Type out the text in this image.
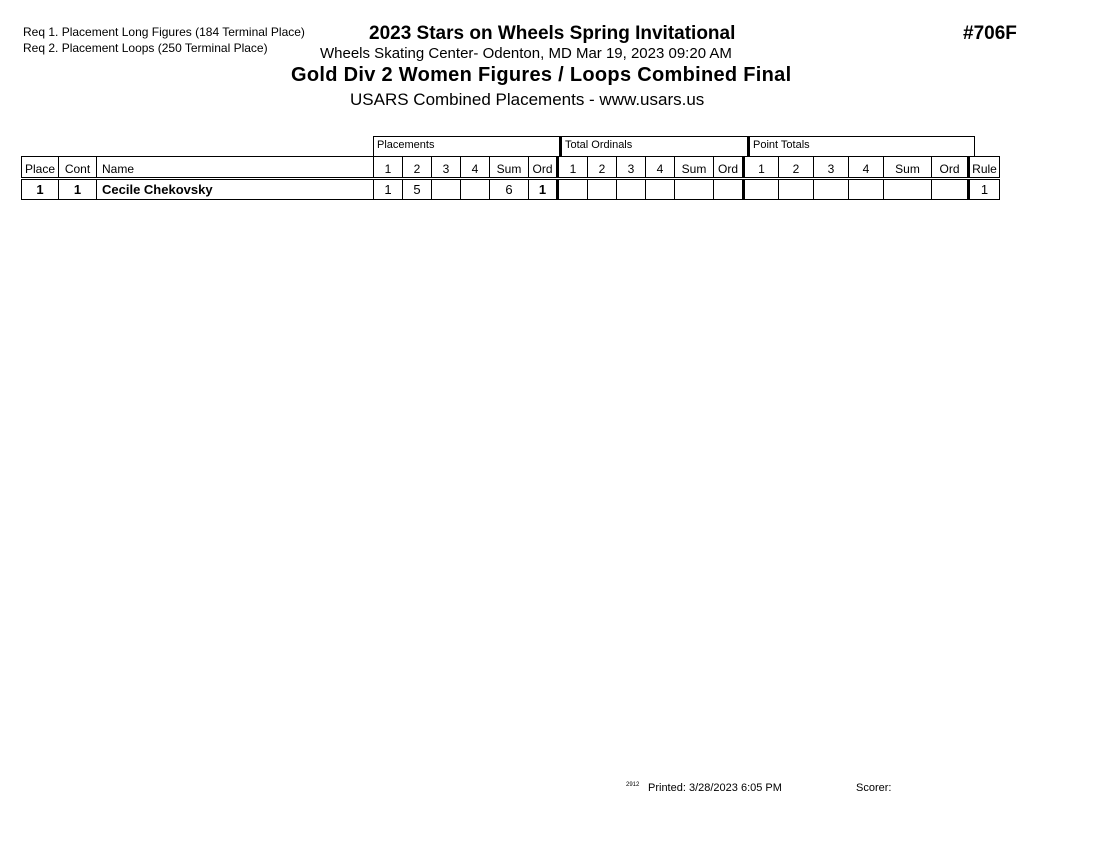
Req 1. Placement Long Figures (184 Terminal Place)
Req 2. Placement Loops (250 Terminal Place)
2023 Stars on Wheels Spring Invitational	#706F
Wheels Skating Center- Odenton, MD Mar 19, 2023 09:20 AM
Gold Div 2 Women Figures / Loops Combined Final
USARS Combined Placements - www.usars.us
Placements	Total Ordinals	Point Totals
Place	Cont	Name	1	2	3	4	Sum	Ord	1	2	3	4	Sum	Ord	1	2	3	4	Sum	Ord	Rule
1	1	Cecile Chekovsky	1	5			6	1													1
2912 Printed: 3/28/2023 6:05 PM	Scorer:
